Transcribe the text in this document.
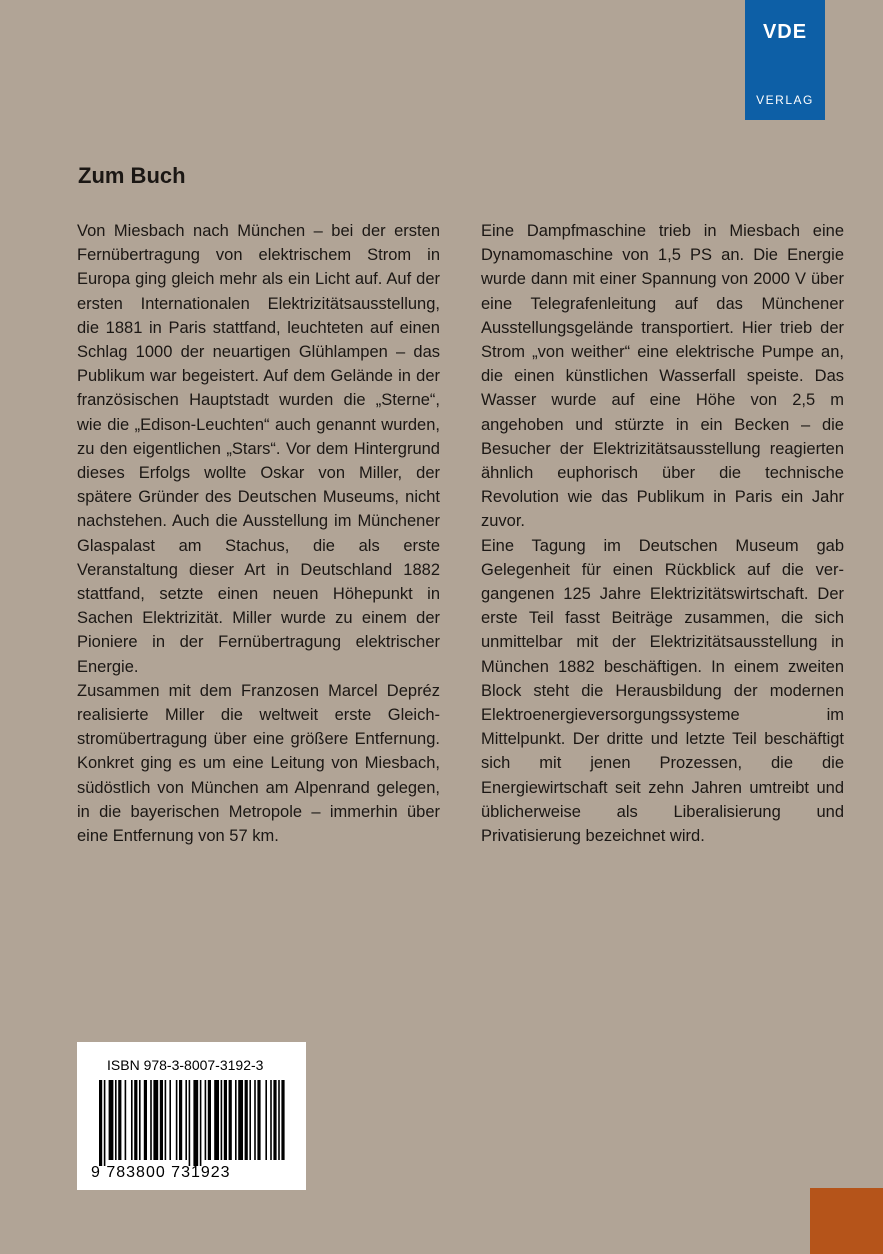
VDE
VERLAG
Zum Buch

Von Miesbach nach München – bei der ersten Fernübertragung von elektrischem Strom in Europa ging gleich mehr als ein Licht auf. Auf der ersten Internationalen Elektrizitätsausstellung, die 1881 in Paris stattfand, leuchteten auf einen Schlag 1000 der neuartigen Glühlampen – das Publikum war begeistert. Auf dem Gelände in der französischen Hauptstadt wurden die „Sterne“, wie die „Edison-Leuchten“ auch genannt wurden, zu den eigentlichen „Stars“. Vor dem Hintergrund dieses Erfolgs wollte Oskar von Miller, der spätere Gründer des Deutschen Museums, nicht nachstehen. Auch die Ausstellung im Münchener Glaspalast am Stachus, die als erste Veranstaltung dieser Art in Deutschland 1882 stattfand, setzte einen neuen Höhepunkt in Sachen Elektrizität. Miller wurde zu einem der Pioniere in der Fernübertragung elektrischer Energie.

Zusammen mit dem Franzosen Marcel Depréz realisierte Miller die weltweit erste Gleichstromübertragung über eine größere Entfernung. Konkret ging es um eine Leitung von Miesbach, südöstlich von München am Alpenrand gelegen, in die bayerischen Metropole – immerhin über eine Entfernung von 57 km.

Eine Dampfmaschine trieb in Miesbach eine Dynamomaschine von 1,5 PS an. Die Energie wurde dann mit einer Spannung von 2000 V über eine Telegrafenleitung auf das Münchener Ausstellungsgelände transportiert. Hier trieb der Strom „von weither“ eine elektrische Pumpe an, die einen künstlichen Wasserfall speiste. Das Wasser wurde auf eine Höhe von 2,5 m angehoben und stürzte in ein Becken – die Besucher der Elektrizitätsausstellung reagierten ähnlich euphorisch über die technische Revolution wie das Publikum in Paris ein Jahr zuvor.

Eine Tagung im Deutschen Museum gab Gelegenheit für einen Rückblick auf die vergangenen 125 Jahre Elektrizitätswirtschaft. Der erste Teil fasst Beiträge zusammen, die sich unmittelbar mit der Elektrizitätsausstellung in München 1882 beschäftigen. In einem zweiten Block steht die Herausbildung der modernen Elektroenergieversorgungssysteme im Mittelpunkt. Der dritte und letzte Teil beschäftigt sich mit jenen Prozessen, die die Energiewirtschaft seit zehn Jahren umtreibt und üblicherweise als Liberalisierung und Privatisierung bezeichnet wird.

ISBN 978-3-8007-3192-3
9 783800 731923
